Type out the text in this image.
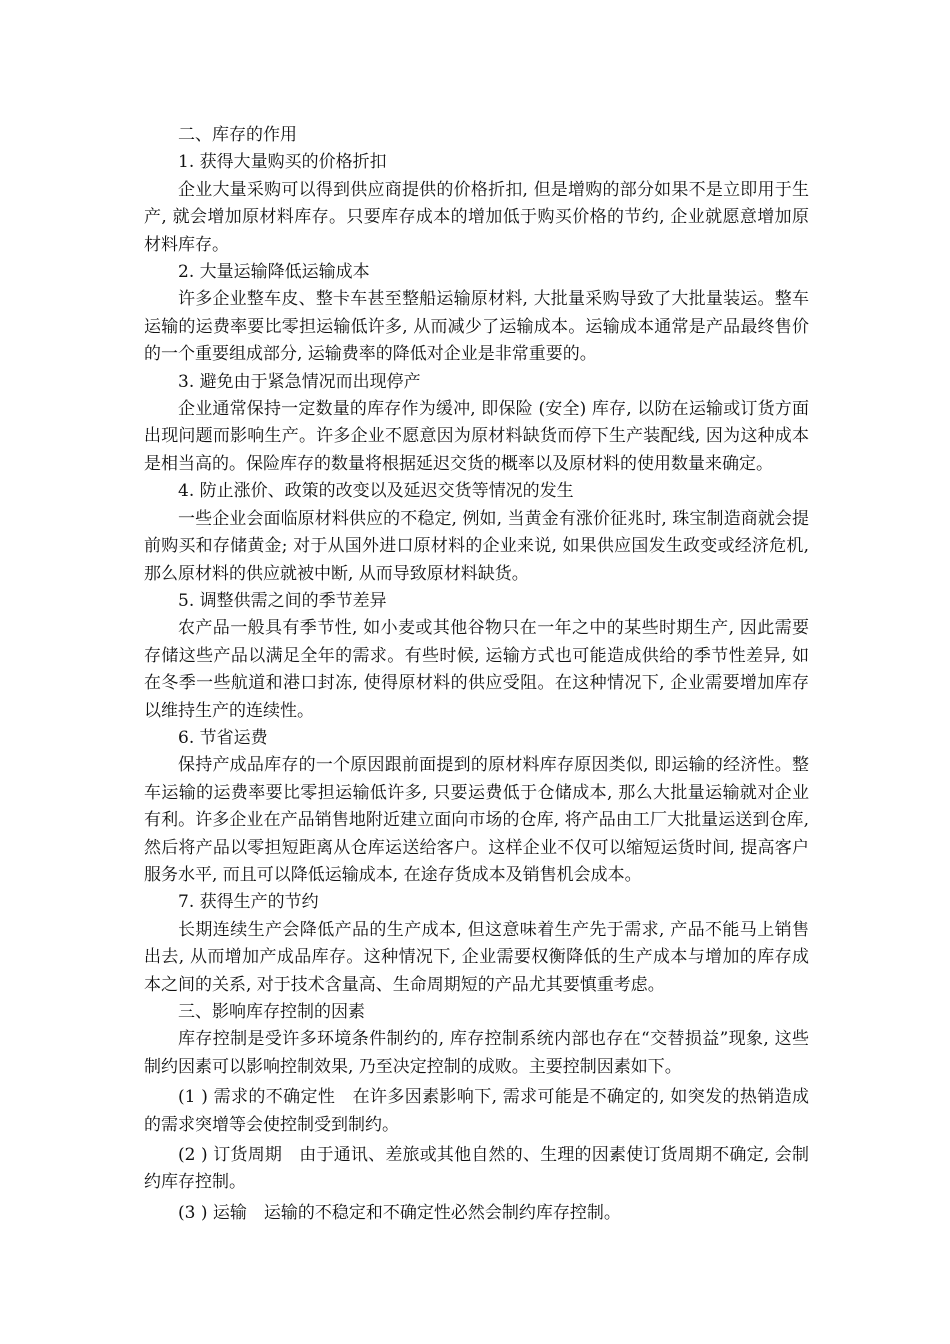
二、库存的作用

1. 获得大量购买的价格折扣

企业大量采购可以得到供应商提供的价格折扣, 但是增购的部分如果不是立即用于生产, 就会增加原材料库存。只要库存成本的增加低于购买价格的节约, 企业就愿意增加原材料库存。

2. 大量运输降低运输成本

许多企业整车皮、整卡车甚至整船运输原材料, 大批量采购导致了大批量装运。整车运输的运费率要比零担运输低许多, 从而减少了运输成本。运输成本通常是产品最终售价的一个重要组成部分, 运输费率的降低对企业是非常重要的。

3. 避免由于紧急情况而出现停产

企业通常保持一定数量的库存作为缓冲, 即保险 (安全) 库存, 以防在运输或订货方面出现问题而影响生产。许多企业不愿意因为原材料缺货而停下生产装配线, 因为这种成本是相当高的。保险库存的数量将根据延迟交货的概率以及原材料的使用数量来确定。

4. 防止涨价、政策的改变以及延迟交货等情况的发生

一些企业会面临原材料供应的不稳定, 例如, 当黄金有涨价征兆时, 珠宝制造商就会提前购买和存储黄金; 对于从国外进口原材料的企业来说, 如果供应国发生政变或经济危机, 那么原材料的供应就被中断, 从而导致原材料缺货。

5. 调整供需之间的季节差异

农产品一般具有季节性, 如小麦或其他谷物只在一年之中的某些时期生产, 因此需要存储这些产品以满足全年的需求。有些时候, 运输方式也可能造成供给的季节性差异, 如在冬季一些航道和港口封冻, 使得原材料的供应受阻。在这种情况下, 企业需要增加库存以维持生产的连续性。

6. 节省运费

保持产成品库存的一个原因跟前面提到的原材料库存原因类似, 即运输的经济性。整车运输的运费率要比零担运输低许多, 只要运费低于仓储成本, 那么大批量运输就对企业有利。许多企业在产品销售地附近建立面向市场的仓库, 将产品由工厂大批量运送到仓库, 然后将产品以零担短距离从仓库运送给客户。这样企业不仅可以缩短运货时间, 提高客户服务水平, 而且可以降低运输成本, 在途存货成本及销售机会成本。

7. 获得生产的节约

长期连续生产会降低产品的生产成本, 但这意味着生产先于需求, 产品不能马上销售出去, 从而增加产成品库存。这种情况下, 企业需要权衡降低的生产成本与增加的库存成本之间的关系, 对于技术含量高、生命周期短的产品尤其要慎重考虑。

三、影响库存控制的因素

库存控制是受许多环境条件制约的, 库存控制系统内部也存在“交替损益”现象, 这些制约因素可以影响控制效果, 乃至决定控制的成败。主要控制因素如下。

(1 ) 需求的不确定性　在许多因素影响下, 需求可能是不确定的, 如突发的热销造成的需求突增等会使控制受到制约。

(2 ) 订货周期　由于通讯、差旅或其他自然的、生理的因素使订货周期不确定, 会制约库存控制。

(3 ) 运输　运输的不稳定和不确定性必然会制约库存控制。
